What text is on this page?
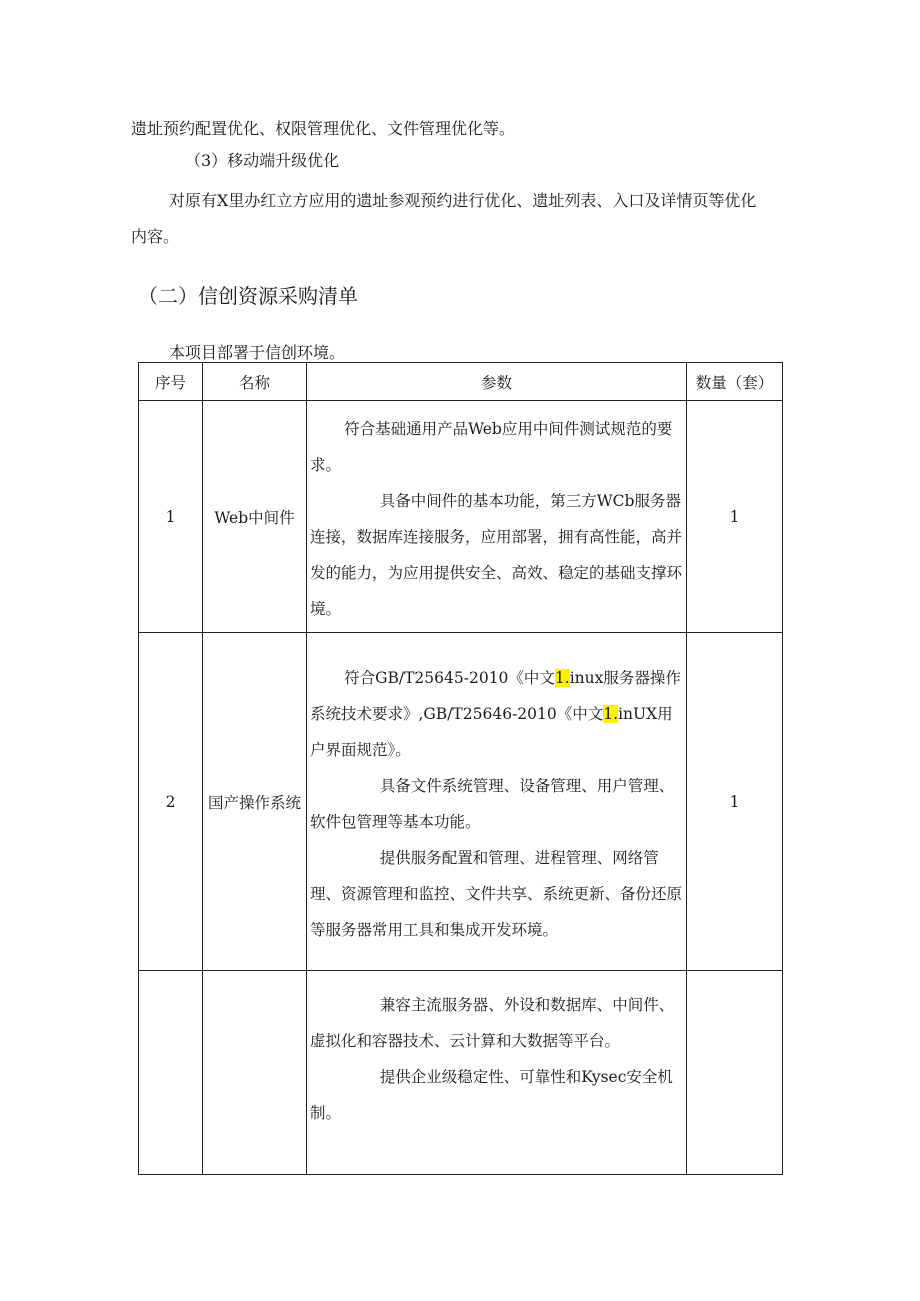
遗址预约配置优化、权限管理优化、文件管理优化等。

（3）移动端升级优化

对原有X里办红立方应用的遗址参观预约进行优化、遗址列表、入口及详情页等优化

内容。

（二）信创资源采购清单

本项目部署于信创环境。

序号	名称	参数	数量（套）
1	Web中间件	符合基础通用产品Web应用中间件测试规范的要求。
具备中间件的基本功能，第三方WCb服务器连接，数据库连接服务，应用部署，拥有高性能，高并发的能力，为应用提供安全、高效、稳定的基础支撑环境。	1
2	国产操作系统	符合GB/T25645-2010《中文1.inux服务器操作系统技术要求》,GB/T25646-2010《中文1.inUX用户界面规范》。
具备文件系统管理、设备管理、用户管理、软件包管理等基本功能。
提供服务配置和管理、进程管理、网络管理、资源管理和监控、文件共享、系统更新、备份还原等服务器常用工具和集成开发环境。	1

		兼容主流服务器、外设和数据库、中间件、虚拟化和容器技术、云计算和大数据等平台。
提供企业级稳定性、可靠性和Kysec安全机制。	
